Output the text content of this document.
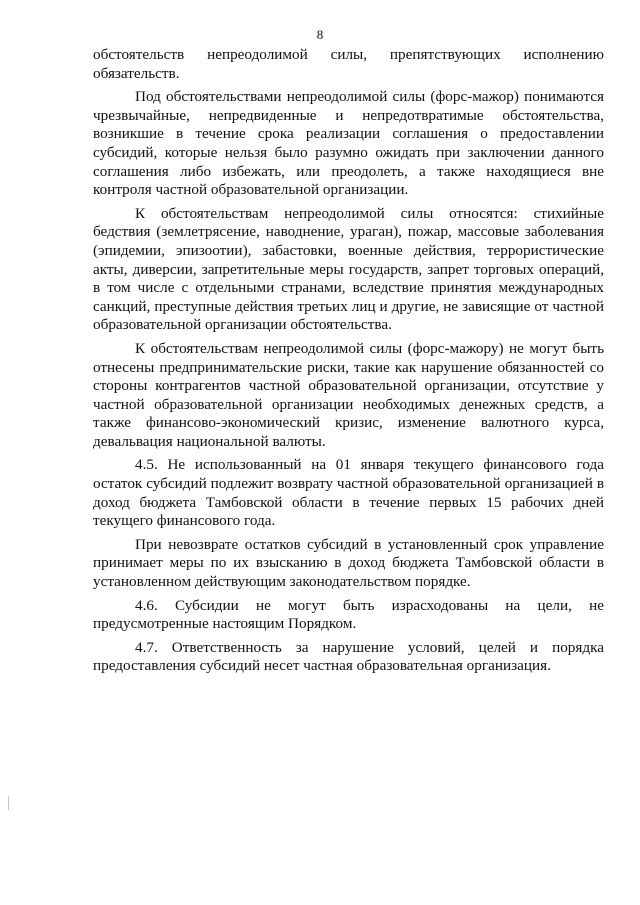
8

обстоятельств непреодолимой силы, препятствующих исполнению обязательств.

Под обстоятельствами непреодолимой силы (форс-мажор) понимаются чрезвычайные, непредвиденные и непредотвратимые обстоятельства, возникшие в течение срока реализации соглашения о предоставлении субсидий, которые нельзя было разумно ожидать при заключении данного соглашения либо избежать, или преодолеть, а также находящиеся вне контроля частной образовательной организации.

К обстоятельствам непреодолимой силы относятся: стихийные бедствия (землетрясение, наводнение, ураган), пожар, массовые заболевания (эпидемии, эпизоотии), забастовки, военные действия, террористические акты, диверсии, запретительные меры государств, запрет торговых операций, в том числе с отдельными странами, вследствие принятия международных санкций, преступные действия третьих лиц и другие, не зависящие от частной образовательной организации обстоятельства.

К обстоятельствам непреодолимой силы (форс-мажору) не могут быть отнесены предпринимательские риски, такие как нарушение обязанностей со стороны контрагентов частной образовательной организации, отсутствие у частной образовательной организации необходимых денежных средств, а также финансово-экономический кризис, изменение валютного курса, девальвация национальной валюты.

4.5. Не использованный на 01 января текущего финансового года остаток субсидий подлежит возврату частной образовательной организацией в доход бюджета Тамбовской области в течение первых 15 рабочих дней текущего финансового года.

При невозврате остатков субсидий в установленный срок управление принимает меры по их взысканию в доход бюджета Тамбовской области в установленном действующим законодательством порядке.

4.6. Субсидии не могут быть израсходованы на цели, не предусмотренные настоящим Порядком.

4.7. Ответственность за нарушение условий, целей и порядка предоставления субсидий несет частная образовательная организация.
